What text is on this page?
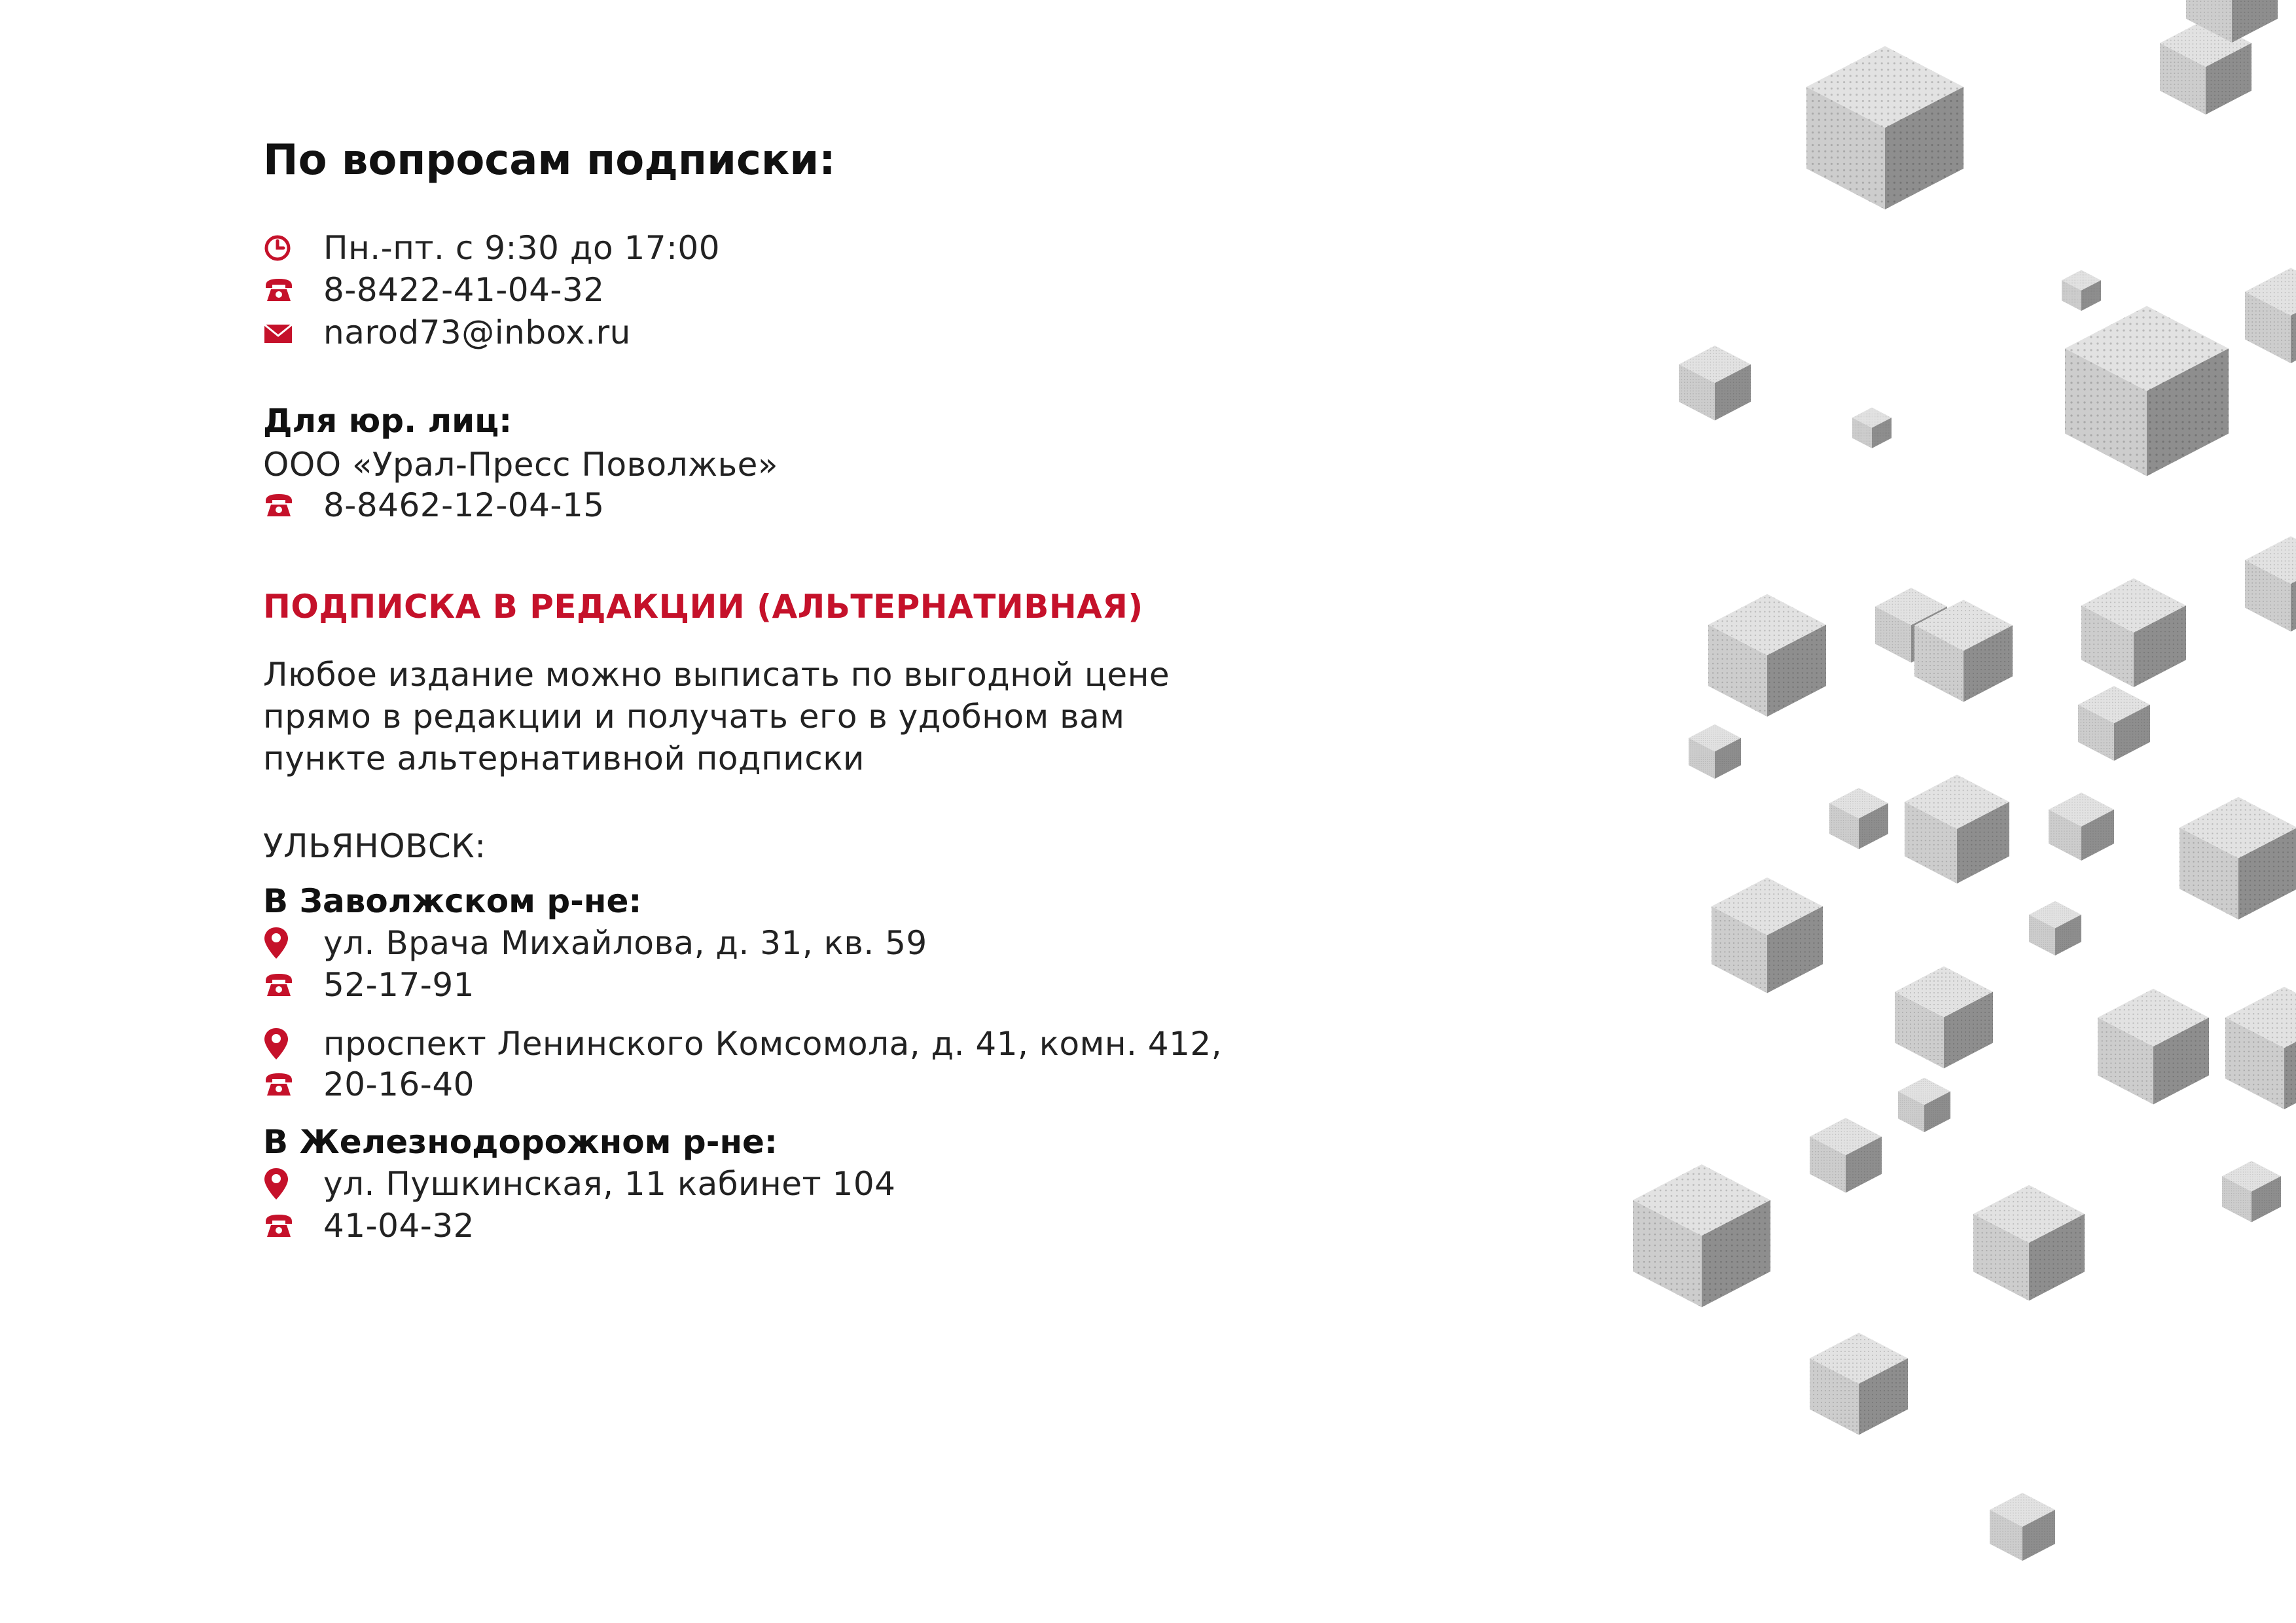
По вопросам подписки:
Пн.-пт. с 9:30 до 17:00
8-8422-41-04-32
narod73@inbox.ru
Для юр. лиц:
ООО «Урал-Пресс Поволжье»
8-8462-12-04-15
ПОДПИСКА В РЕДАКЦИИ (АЛЬТЕРНАТИВНАЯ)
Любое издание можно выписать по выгодной цене
прямо в редакции и получать его в удобном вам
пункте альтернативной подписки
УЛЬЯНОВСК:
В Заволжском р-не:
ул. Врача Михайлова, д. 31, кв. 59
52-17-91
проспект Ленинского Комсомола, д. 41, комн. 412,
20-16-40
В Железнодорожном р-не:
ул. Пушкинская, 11 кабинет 104
41-04-32
